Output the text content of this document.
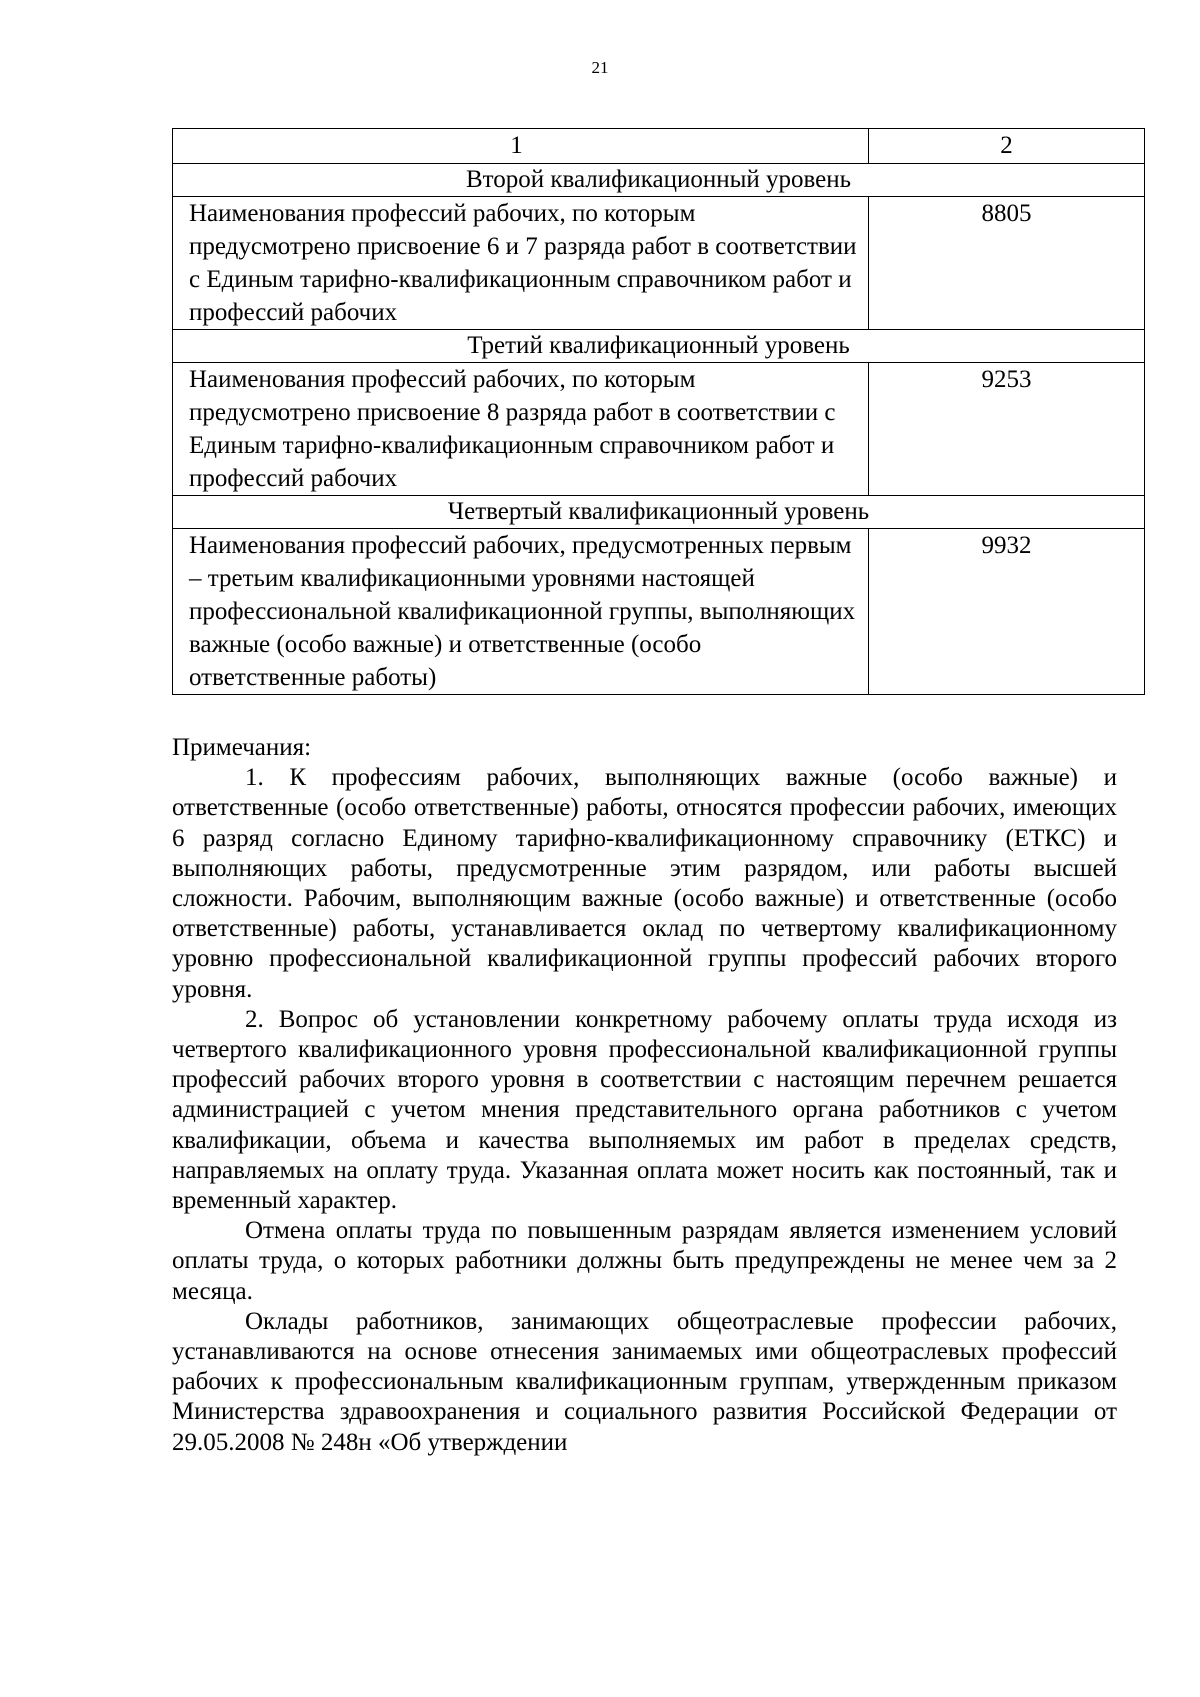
21
1	2
Второй квалификационный уровень	
Наименования профессий рабочих, по которым предусмотрено присвоение 6 и 7 разряда работ в соответствии с Единым тарифно-квалификационным справочником работ и профессий рабочих	8805
Третий квалификационный уровень	
Наименования профессий рабочих, по которым предусмотрено присвоение 8 разряда работ в соответствии с Единым тарифно-квалификационным справочником работ и профессий рабочих	9253
Четвертый квалификационный уровень	
Наименования профессий рабочих, предусмотренных первым – третьим квалификационными уровнями настоящей профессиональной квалификационной группы, выполняющих важные (особо важные) и ответственные (особо ответственные работы)	9932

Примечания:

1. К профессиям рабочих, выполняющих важные (особо важные) и ответственные (особо ответственные) работы, относятся профессии рабочих, имеющих 6 разряд согласно Единому тарифно-квалификационному справочнику (ЕТКС) и выполняющих работы, предусмотренные этим разрядом, или работы высшей сложности. Рабочим, выполняющим важные (особо важные) и ответственные (особо ответственные) работы, устанавливается оклад по четвертому квалификационному уровню профессиональной квалификационной группы профессий рабочих второго уровня.

2. Вопрос об установлении конкретному рабочему оплаты труда исходя из четвертого квалификационного уровня профессиональной квалификационной группы профессий рабочих второго уровня в соответствии с настоящим перечнем решается администрацией с учетом мнения представительного органа работников с учетом квалификации, объема и качества выполняемых им работ в пределах средств, направляемых на оплату труда. Указанная оплата может носить как постоянный, так и временный характер.

Отмена оплаты труда по повышенным разрядам является изменением условий оплаты труда, о которых работники должны быть предупреждены не менее чем за 2 месяца.

Оклады работников, занимающих общеотраслевые профессии рабочих, устанавливаются на основе отнесения занимаемых ими общеотраслевых профессий рабочих к профессиональным квалификационным группам, утвержденным приказом Министерства здравоохранения и социального развития Российской Федерации от 29.05.2008 № 248н «Об утверждении
